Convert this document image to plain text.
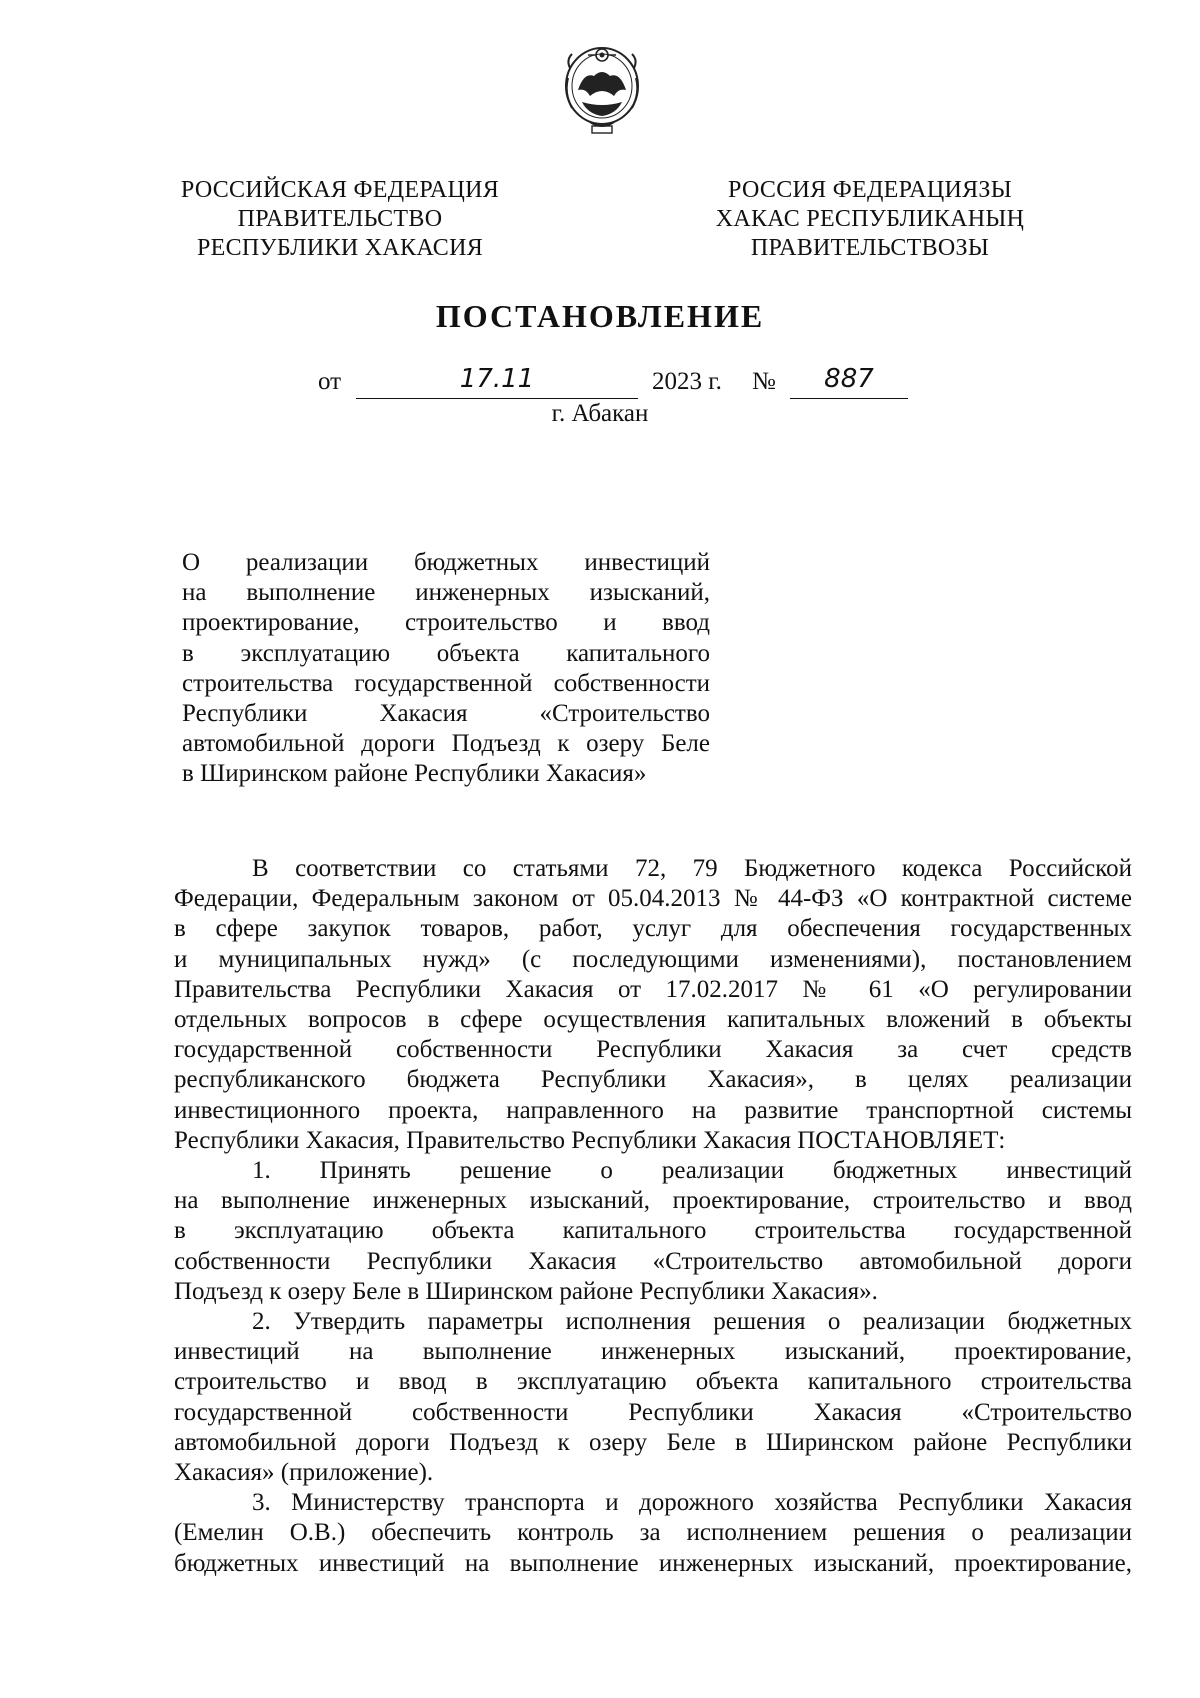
РОССИЙСКАЯ ФЕДЕРАЦИЯ
ПРАВИТЕЛЬСТВО
РЕСПУБЛИКИ ХАКАСИЯ
РОССИЯ ФЕДЕРАЦИЯЗЫ
ХАКАС РЕСПУБЛИКАНЫҢ
ПРАВИТЕЛЬСТВОЗЫ
ПОСТАНОВЛЕНИЕ
от	17.11	2023 г. №	887
г. Абакан
О реализации бюджетных инвестиций
на выполнение инженерных изысканий,
проектирование, строительство и ввод
в эксплуатацию объекта капитального
строительства государственной собственности
Республики Хакасия «Строительство
автомобильной дороги Подъезд к озеру Беле
в Ширинском районе Республики Хакасия»
В соответствии со статьями 72, 79 Бюджетного кодекса Российской
Федерации, Федеральным законом от 05.04.2013 № 44-ФЗ «О контрактной системе
в сфере закупок товаров, работ, услуг для обеспечения государственных
и муниципальных нужд» (с последующими изменениями), постановлением
Правительства Республики Хакасия от 17.02.2017 № 61 «О регулировании
отдельных вопросов в сфере осуществления капитальных вложений в объекты
государственной собственности Республики Хакасия за счет средств
республиканского бюджета Республики Хакасия», в целях реализации
инвестиционного проекта, направленного на развитие транспортной системы
Республики Хакасия, Правительство Республики Хакасия ПОСТАНОВЛЯЕТ:
1. Принять решение о реализации бюджетных инвестиций
на выполнение инженерных изысканий, проектирование, строительство и ввод
в эксплуатацию объекта капитального строительства государственной
собственности Республики Хакасия «Строительство автомобильной дороги
Подъезд к озеру Беле в Ширинском районе Республики Хакасия».
2. Утвердить параметры исполнения решения о реализации бюджетных
инвестиций на выполнение инженерных изысканий, проектирование,
строительство и ввод в эксплуатацию объекта капитального строительства
государственной собственности Республики Хакасия «Строительство
автомобильной дороги Подъезд к озеру Беле в Ширинском районе Республики
Хакасия» (приложение).
3. Министерству транспорта и дорожного хозяйства Республики Хакасия
(Емелин О.В.) обеспечить контроль за исполнением решения о реализации
бюджетных инвестиций на выполнение инженерных изысканий, проектирование,
